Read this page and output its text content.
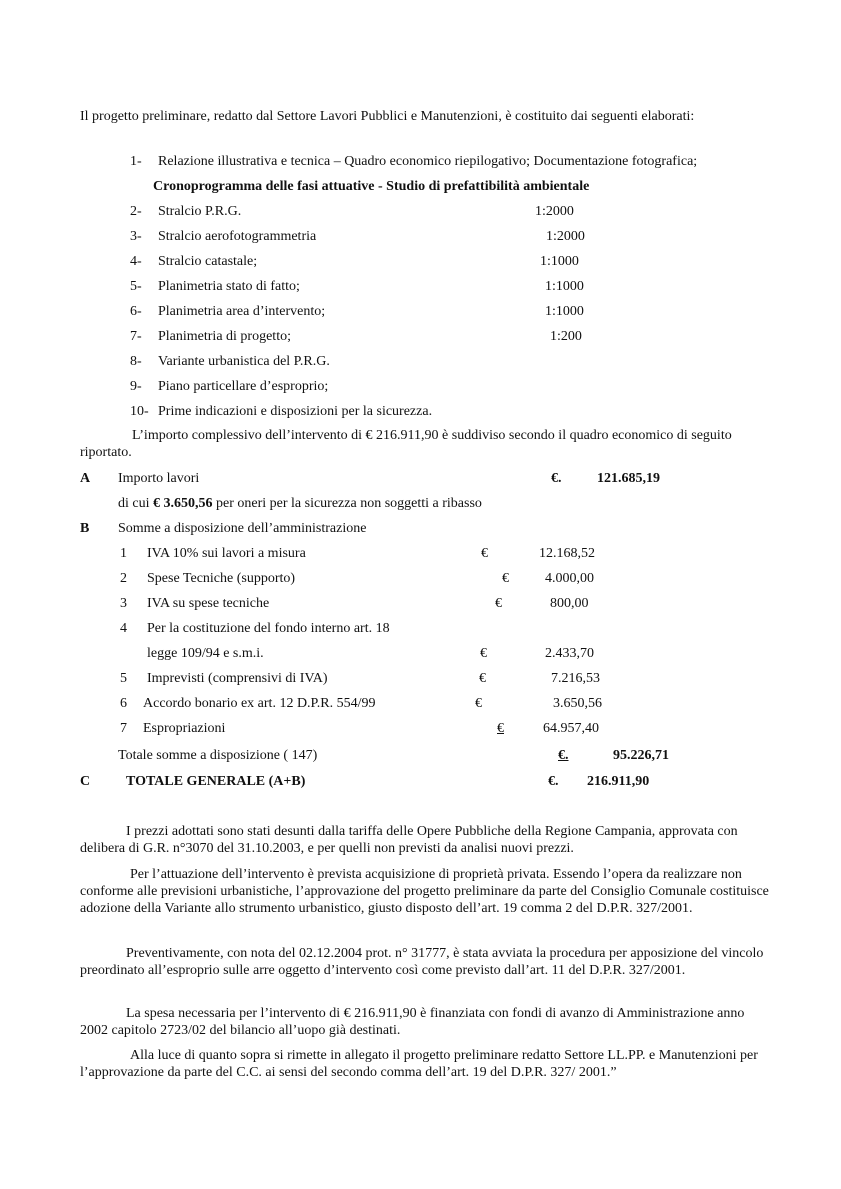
Il progetto preliminare, redatto dal Settore Lavori Pubblici e Manutenzioni, è costituito dai seguenti elaborati:

1- Relazione illustrativa e tecnica – Quadro economico riepilogativo; Documentazione fotografica;
Cronoprogramma delle fasi attuative - Studio di prefattibilità ambientale
2- Stralcio P.R.G.	1:2000
3- Stralcio aerofotogrammetria	1:2000
4- Stralcio catastale;	1:1000
5- Planimetria stato di fatto;	1:1000
6- Planimetria area d’intervento;	1:1000
7- Planimetria di progetto;	1:200
8- Variante urbanistica del P.R.G.
9- Piano particellare d’esproprio;
10- Prime indicazioni e disposizioni per la sicurezza.

L’importo complessivo dell’intervento di € 216.911,90 è suddiviso secondo il quadro economico di seguito riportato.

A Importo lavori	€.	121.685,19
di cui € 3.650,56 per oneri per la sicurezza non soggetti a ribasso
B Somme a disposizione dell’amministrazione
1 IVA 10% sui lavori a misura	€	12.168,52
2 Spese Tecniche (supporto)	€	4.000,00
3 IVA su spese tecniche	€	800,00
4 Per la costituzione del fondo interno art. 18
legge 109/94 e s.m.i.	€	2.433,70
5 Imprevisti (comprensivi di IVA)	€	7.216,53
6 Accordo bonario ex art. 12 D.P.R. 554/99	€	3.650,56
7 Espropriazioni	€	64.957,40
Totale somme a disposizione ( 147)	€.	95.226,71
C	TOTALE GENERALE (A+B)	€. 216.911,90

I prezzi adottati sono stati desunti dalla tariffa delle Opere Pubbliche della Regione Campania, approvata con delibera di G.R. n°3070 del 31.10.2003, e per quelli non previsti da analisi nuovi prezzi.

Per l’attuazione dell’intervento è prevista acquisizione di proprietà privata. Essendo l’opera da realizzare non conforme alle previsioni urbanistiche, l’approvazione del progetto preliminare da parte del Consiglio Comunale costituisce adozione della Variante allo strumento urbanistico, giusto disposto dell’art. 19 comma 2 del D.P.R. 327/2001.

Preventivamente, con nota del 02.12.2004 prot. n° 31777, è stata avviata la procedura per apposizione del vincolo preordinato all’esproprio sulle arre oggetto d’intervento così come previsto dall’art. 11 del D.P.R. 327/2001.

La spesa necessaria per l’intervento di € 216.911,90 è finanziata con fondi di avanzo di Amministrazione anno 2002 capitolo 2723/02 del bilancio all’uopo già destinati.

Alla luce di quanto sopra si rimette in allegato il progetto preliminare redatto Settore LL.PP. e Manutenzioni per l’approvazione da parte del C.C. ai sensi del secondo comma dell’art. 19 del D.P.R. 327/ 2001.”
